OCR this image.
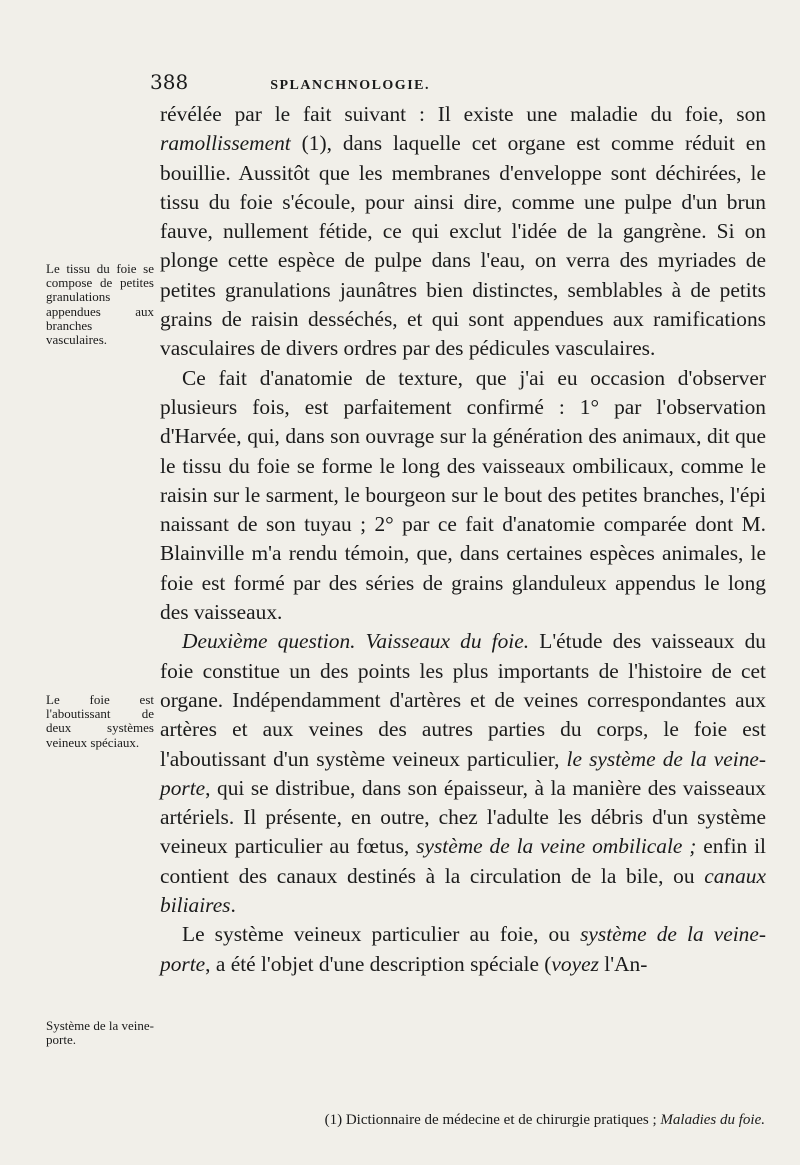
388	SPLANCHNOLOGIE.
Le tissu du foie se compose de petites granulations appendues aux branches vasculaires.
Le foie est l'aboutissant de deux systèmes veineux spéciaux.
Système de la veine-porte.

révélée par le fait suivant : Il existe une maladie du foie, son ramollissement (1), dans laquelle cet organe est comme réduit en bouillie. Aussitôt que les membranes d'enveloppe sont déchirées, le tissu du foie s'écoule, pour ainsi dire, comme une pulpe d'un brun fauve, nullement fétide, ce qui exclut l'idée de la gangrène. Si on plonge cette espèce de pulpe dans l'eau, on verra des myriades de petites granulations jaunâtres bien distinctes, semblables à de petits grains de raisin desséchés, et qui sont appendues aux ramifications vasculaires de divers ordres par des pédicules vasculaires.

Ce fait d'anatomie de texture, que j'ai eu occasion d'observer plusieurs fois, est parfaitement confirmé : 1° par l'observation d'Harvée, qui, dans son ouvrage sur la génération des animaux, dit que le tissu du foie se forme le long des vaisseaux ombilicaux, comme le raisin sur le sarment, le bourgeon sur le bout des petites branches, l'épi naissant de son tuyau ; 2° par ce fait d'anatomie comparée dont M. Blainville m'a rendu témoin, que, dans certaines espèces animales, le foie est formé par des séries de grains glanduleux appendus le long des vaisseaux.

Deuxième question. Vaisseaux du foie. L'étude des vaisseaux du foie constitue un des points les plus importants de l'histoire de cet organe. Indépendamment d'artères et de veines correspondantes aux artères et aux veines des autres parties du corps, le foie est l'aboutissant d'un système veineux particulier, le système de la veine-porte, qui se distribue, dans son épaisseur, à la manière des vaisseaux artériels. Il présente, en outre, chez l'adulte les débris d'un système veineux particulier au fœtus, système de la veine ombilicale ; enfin il contient des canaux destinés à la circulation de la bile, ou canaux biliaires.

Le système veineux particulier au foie, ou système de la veine-porte, a été l'objet d'une description spéciale (voyez l'An-

(1) Dictionnaire de médecine et de chirurgie pratiques ; Maladies du foie.
